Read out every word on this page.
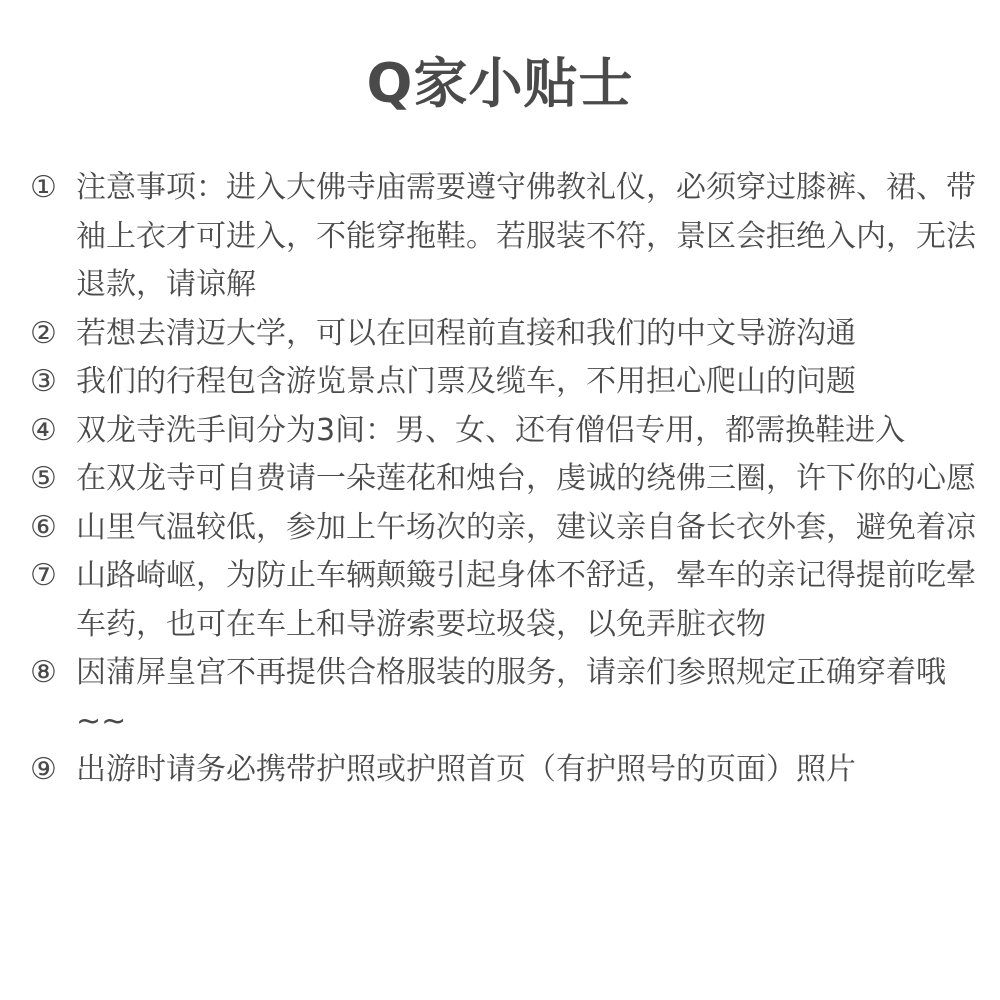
Q家小贴士
① 注意事项：进入大佛寺庙需要遵守佛教礼仪，必须穿过膝裤、裙、带袖上衣才可进入，不能穿拖鞋。若服装不符，景区会拒绝入内，无法退款，请谅解
② 若想去清迈大学，可以在回程前直接和我们的中文导游沟通
③ 我们的行程包含游览景点门票及缆车，不用担心爬山的问题
④ 双龙寺洗手间分为3间：男、女、还有僧侣专用，都需换鞋进入
⑤ 在双龙寺可自费请一朵莲花和烛台，虔诚的绕佛三圈，许下你的心愿
⑥ 山里气温较低，参加上午场次的亲，建议亲自备长衣外套，避免着凉
⑦ 山路崎岖，为防止车辆颠簸引起身体不舒适，晕车的亲记得提前吃晕车药，也可在车上和导游索要垃圾袋，以免弄脏衣物
⑧ 因蒲屏皇宫不再提供合格服装的服务，请亲们参照规定正确穿着哦~~
⑨ 出游时请务必携带护照或护照首页（有护照号的页面）照片
